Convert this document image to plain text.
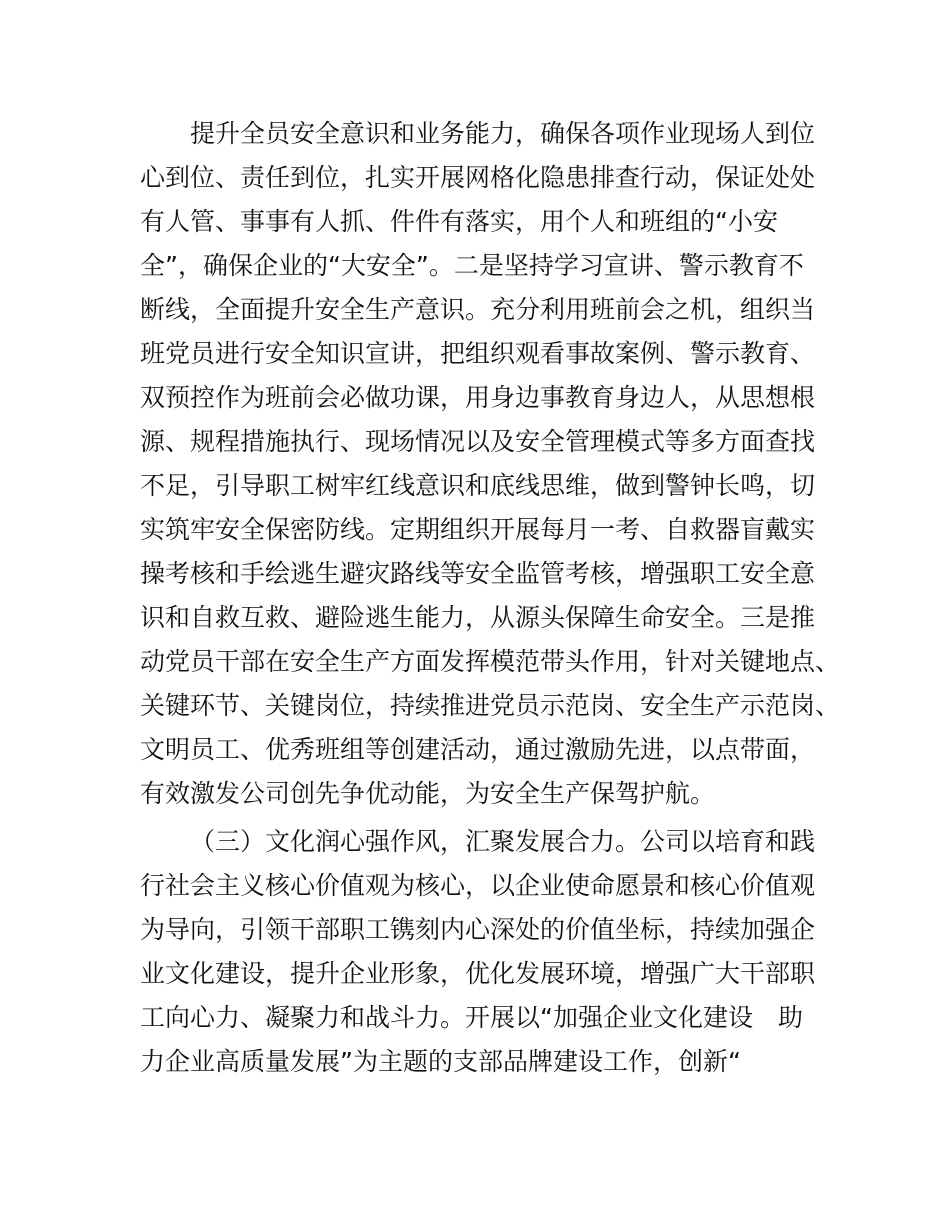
提升全员安全意识和业务能力，确保各项作业现场人到位
心到位、责任到位，扎实开展网格化隐患排查行动，保证处处
有人管、事事有人抓、件件有落实，用个人和班组的“小安
全”，确保企业的“大安全”。二是坚持学习宣讲、警示教育不
断线，全面提升安全生产意识。充分利用班前会之机，组织当
班党员进行安全知识宣讲，把组织观看事故案例、警示教育、
双预控作为班前会必做功课，用身边事教育身边人，从思想根
源、规程措施执行、现场情况以及安全管理模式等多方面查找
不足，引导职工树牢红线意识和底线思维，做到警钟长鸣，切
实筑牢安全保密防线。定期组织开展每月一考、自救器盲戴实
操考核和手绘逃生避灾路线等安全监管考核，增强职工安全意
识和自救互救、避险逃生能力，从源头保障生命安全。三是推
动党员干部在安全生产方面发挥模范带头作用，针对关键地点、
关键环节、关键岗位，持续推进党员示范岗、安全生产示范岗、
文明员工、优秀班组等创建活动，通过激励先进，以点带面，
有效激发公司创先争优动能，为安全生产保驾护航。
（三）文化润心强作风，汇聚发展合力。公司以培育和践
行社会主义核心价值观为核心，以企业使命愿景和核心价值观
为导向，引领干部职工镌刻内心深处的价值坐标，持续加强企
业文化建设，提升企业形象，优化发展环境，增强广大干部职
工向心力、凝聚力和战斗力。开展以“加强企业文化建设　助
力企业高质量发展”为主题的支部品牌建设工作，创新“
